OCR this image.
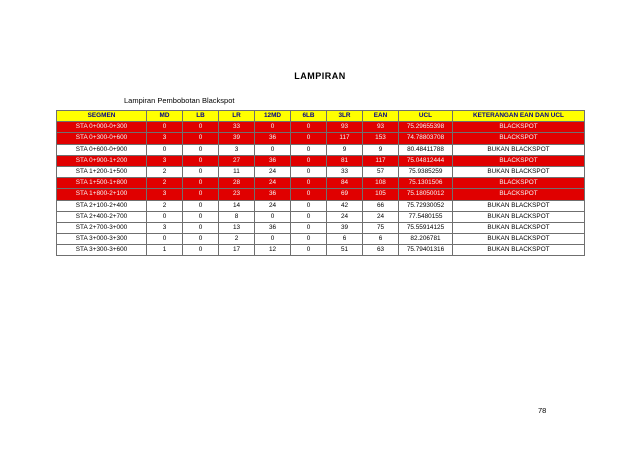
LAMPIRAN
Lampiran Pembobotan Blackspot
SEGMEN	MD	LB	LR	12MD	6LB	3LR	EAN	UCL	KETERANGAN EAN DAN UCL
STA 0+000-0+300	0	0	33	0	0	93	93	75.29655398	BLACKSPOT
STA 0+300-0+600	3	0	39	36	0	117	153	74.78803708	BLACKSPOT
STA 0+600-0+900	0	0	3	0	0	9	9	80.48411788	BUKAN BLACKSPOT
STA 0+900-1+200	3	0	27	36	0	81	117	75.04812444	BLACKSPOT
STA 1+200-1+500	2	0	11	24	0	33	57	75.9385259	BUKAN BLACKSPOT
STA 1+500-1+800	2	0	28	24	0	84	108	75.1301506	BLACKSPOT
STA 1+800-2+100	3	0	23	36	0	69	105	75.18050012	BLACKSPOT
STA 2+100-2+400	2	0	14	24	0	42	66	75.72930052	BUKAN BLACKSPOT
STA 2+400-2+700	0	0	8	0	0	24	24	77.5480155	BUKAN BLACKSPOT
STA 2+700-3+000	3	0	13	36	0	39	75	75.55914125	BUKAN BLACKSPOT
STA 3+000-3+300	0	0	2	0	0	6	6	82.206781	BUKAN BLACKSPOT
STA 3+300-3+600	1	0	17	12	0	51	63	75.79401316	BUKAN BLACKSPOT
78
